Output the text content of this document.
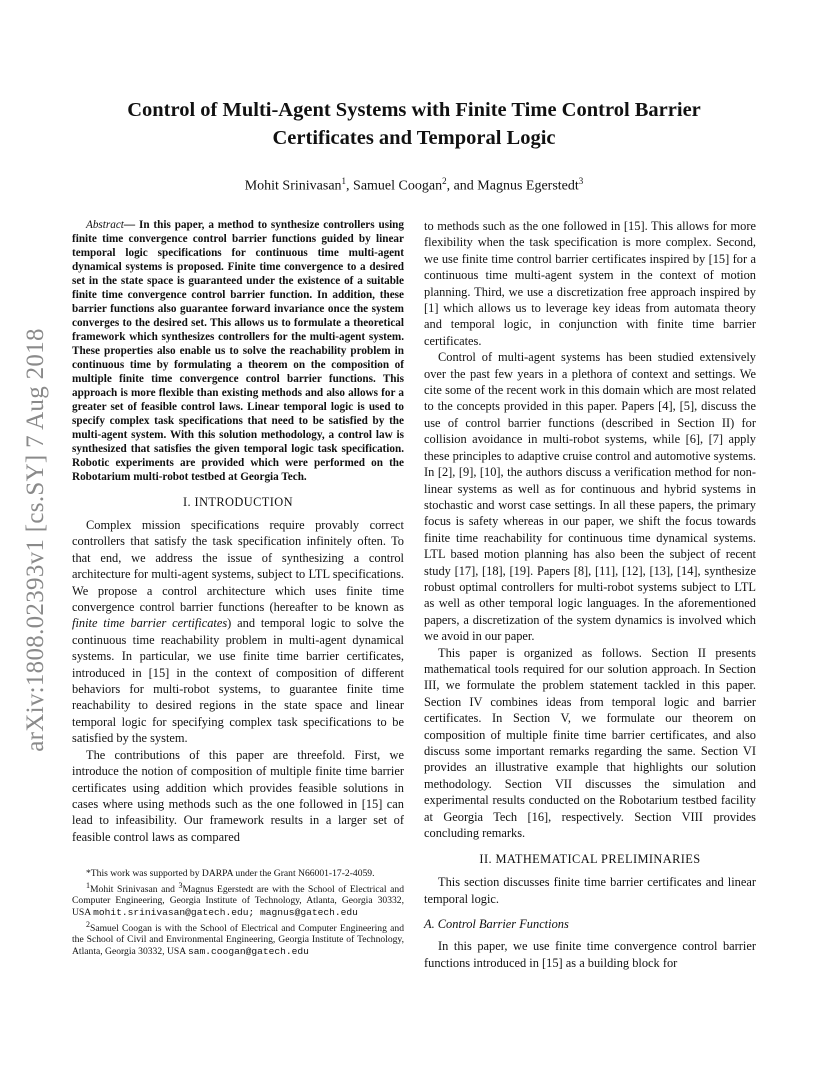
arXiv:1808.02393v1 [cs.SY] 7 Aug 2018
Control of Multi-Agent Systems with Finite Time Control Barrier Certificates and Temporal Logic
Mohit Srinivasan$^1$, Samuel Coogan$^2$, and Magnus Egerstedt$^3$

Abstract— In this paper, a method to synthesize controllers using finite time convergence control barrier functions guided by linear temporal logic specifications for continuous time multi-agent dynamical systems is proposed. Finite time convergence to a desired set in the state space is guaranteed under the existence of a suitable finite time convergence control barrier function. In addition, these barrier functions also guarantee forward invariance once the system converges to the desired set. This allows us to formulate a theoretical framework which synthesizes controllers for the multi-agent system. These properties also enable us to solve the reachability problem in continuous time by formulating a theorem on the composition of multiple finite time convergence control barrier functions. This approach is more flexible than existing methods and also allows for a greater set of feasible control laws. Linear temporal logic is used to specify complex task specifications that need to be satisfied by the multi-agent system. With this solution methodology, a control law is synthesized that satisfies the given temporal logic task specification. Robotic experiments are provided which were performed on the Robotarium multi-robot testbed at Georgia Tech.

I. INTRODUCTION

Complex mission specifications require provably correct controllers that satisfy the task specification infinitely often. To that end, we address the issue of synthesizing a control architecture for multi-agent systems, subject to LTL specifications. We propose a control architecture which uses finite time convergence control barrier functions (hereafter to be known as finite time barrier certificates) and temporal logic to solve the continuous time reachability problem in multi-agent dynamical systems. In particular, we use finite time barrier certificates, introduced in [15] in the context of composition of different behaviors for multi-robot systems, to guarantee finite time reachability to desired regions in the state space and linear temporal logic for specifying complex task specifications to be satisfied by the system.

The contributions of this paper are threefold. First, we introduce the notion of composition of multiple finite time barrier certificates using addition which provides feasible solutions in cases where using methods such as the one followed in [15] can lead to infeasibility. Our framework results in a larger set of feasible control laws as compared

*This work was supported by DARPA under the Grant N66001-17-2-4059.

$^1$Mohit Srinivasan and $^3$Magnus Egerstedt are with the School of Electrical and Computer Engineering, Georgia Institute of Technology, Atlanta, Georgia 30332, USA mohit.srinivasan@gatech.edu; magnus@gatech.edu

$^2$Samuel Coogan is with the School of Electrical and Computer Engineering and the School of Civil and Environmental Engineering, Georgia Institute of Technology, Atlanta, Georgia 30332, USA sam.coogan@gatech.edu

to methods such as the one followed in [15]. This allows for more flexibility when the task specification is more complex. Second, we use finite time control barrier certificates inspired by [15] for a continuous time multi-agent system in the context of motion planning. Third, we use a discretization free approach inspired by [1] which allows us to leverage key ideas from automata theory and temporal logic, in conjunction with finite time barrier certificates.

Control of multi-agent systems has been studied extensively over the past few years in a plethora of context and settings. We cite some of the recent work in this domain which are most related to the concepts provided in this paper. Papers [4], [5], discuss the use of control barrier functions (described in Section II) for collision avoidance in multi-robot systems, while [6], [7] apply these principles to adaptive cruise control and automotive systems. In [2], [9], [10], the authors discuss a verification method for non-linear systems as well as for continuous and hybrid systems in stochastic and worst case settings. In all these papers, the primary focus is safety whereas in our paper, we shift the focus towards finite time reachability for continuous time dynamical systems. LTL based motion planning has also been the subject of recent study [17], [18], [19]. Papers [8], [11], [12], [13], [14], synthesize robust optimal controllers for multi-robot systems subject to LTL as well as other temporal logic languages. In the aforementioned papers, a discretization of the system dynamics is involved which we avoid in our paper.

This paper is organized as follows. Section II presents mathematical tools required for our solution approach. In Section III, we formulate the problem statement tackled in this paper. Section IV combines ideas from temporal logic and barrier certificates. In Section V, we formulate our theorem on composition of multiple finite time barrier certificates, and also discuss some important remarks regarding the same. Section VI provides an illustrative example that highlights our solution methodology. Section VII discusses the simulation and experimental results conducted on the Robotarium testbed facility at Georgia Tech [16], respectively. Section VIII provides concluding remarks.

II. MATHEMATICAL PRELIMINARIES

This section discusses finite time barrier certificates and linear temporal logic.

A. Control Barrier Functions

In this paper, we use finite time convergence control barrier functions introduced in [15] as a building block for
